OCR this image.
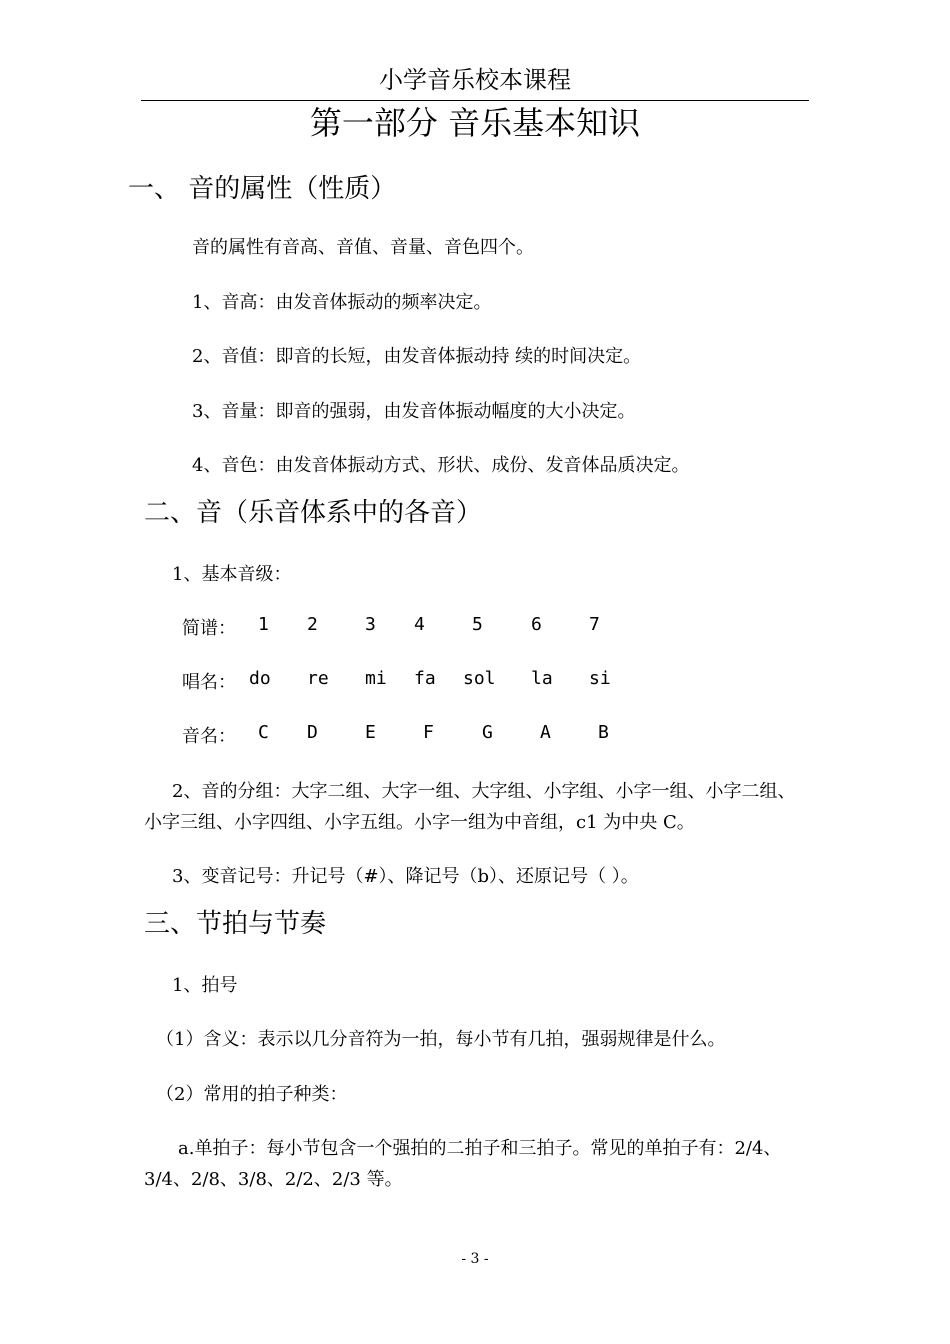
小学音乐校本课程
第一部分 音乐基本知识
一、 音的属性（性质）
音的属性有音高、音值、音量、音色四个。
1、音高：由发音体振动的频率决定。
2、音值：即音的长短，由发音体振动持 续的时间决定。
3、音量：即音的强弱，由发音体振动幅度的大小决定。
4、音色：由发音体振动方式、形状、成份、发音体品质决定。
二、音（乐音体系中的各音）
1、基本音级：
简谱： 1 2	3 4	5	6	7
唱名： do re mi fa sol la si
音名： C D	E	F	G	A	B
2、音的分组：大字二组、大字一组、大字组、小字组、小字一组、小字二组、
小字三组、小字四组、小字五组。小字一组为中音组，c1 为中央 C。
3、变音记号：升记号（#）、降记号（b）、还原记号（ ）。
三、节拍与节奏
1、拍号
（1）含义：表示以几分音符为一拍，每小节有几拍，强弱规律是什么。
（2）常用的拍子种类：
a.单拍子：每小节包含一个强拍的二拍子和三拍子。常见的单拍子有：2/4、
3/4、2/8、3/8、2/2、2/3 等。
- 3 -
